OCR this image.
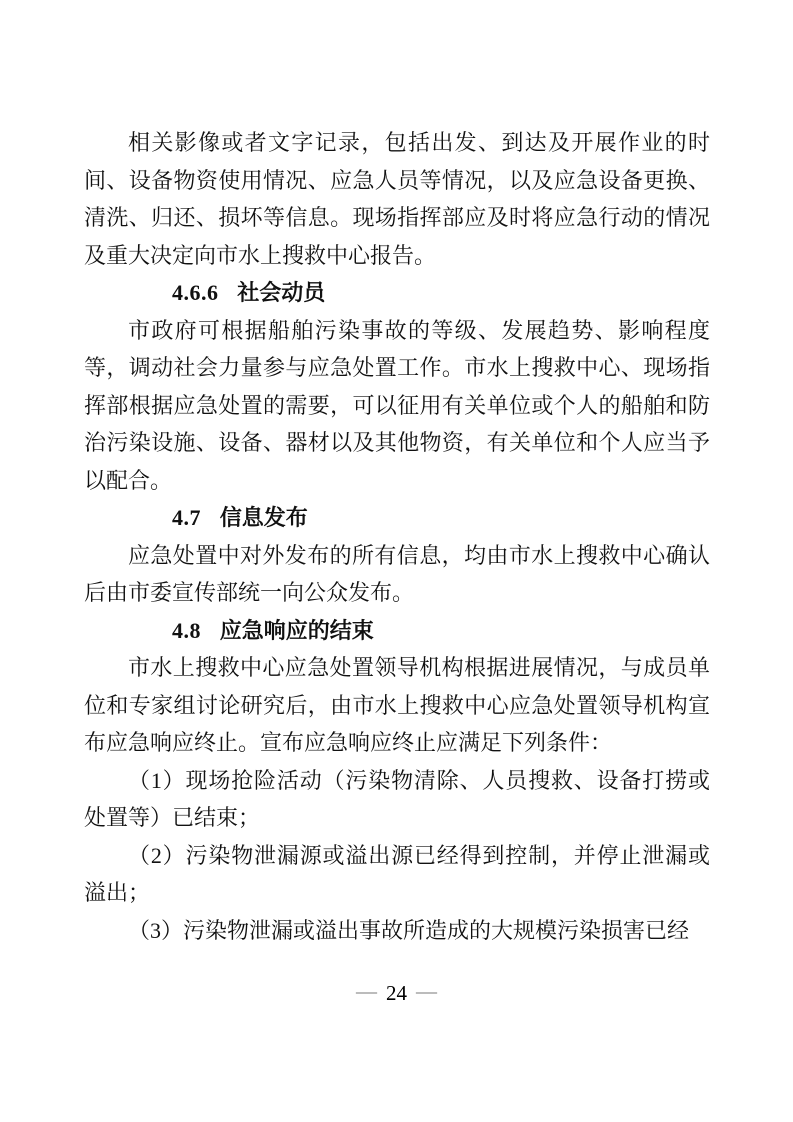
相关影像或者文字记录，包括出发、到达及开展作业的时间、设备物资使用情况、应急人员等情况，以及应急设备更换、清洗、归还、损坏等信息。现场指挥部应及时将应急行动的情况及重大决定向市水上搜救中心报告。

4.6.6 社会动员

市政府可根据船舶污染事故的等级、发展趋势、影响程度等，调动社会力量参与应急处置工作。市水上搜救中心、现场指挥部根据应急处置的需要，可以征用有关单位或个人的船舶和防治污染设施、设备、器材以及其他物资，有关单位和个人应当予以配合。

4.7 信息发布

应急处置中对外发布的所有信息，均由市水上搜救中心确认后由市委宣传部统一向公众发布。

4.8 应急响应的结束

市水上搜救中心应急处置领导机构根据进展情况，与成员单位和专家组讨论研究后，由市水上搜救中心应急处置领导机构宣布应急响应终止。宣布应急响应终止应满足下列条件：

（1）现场抢险活动（污染物清除、人员搜救、设备打捞或处置等）已结束；

（2）污染物泄漏源或溢出源已经得到控制，并停止泄漏或溢出；

（3）污染物泄漏或溢出事故所造成的大规模污染损害已经

— 24 —
